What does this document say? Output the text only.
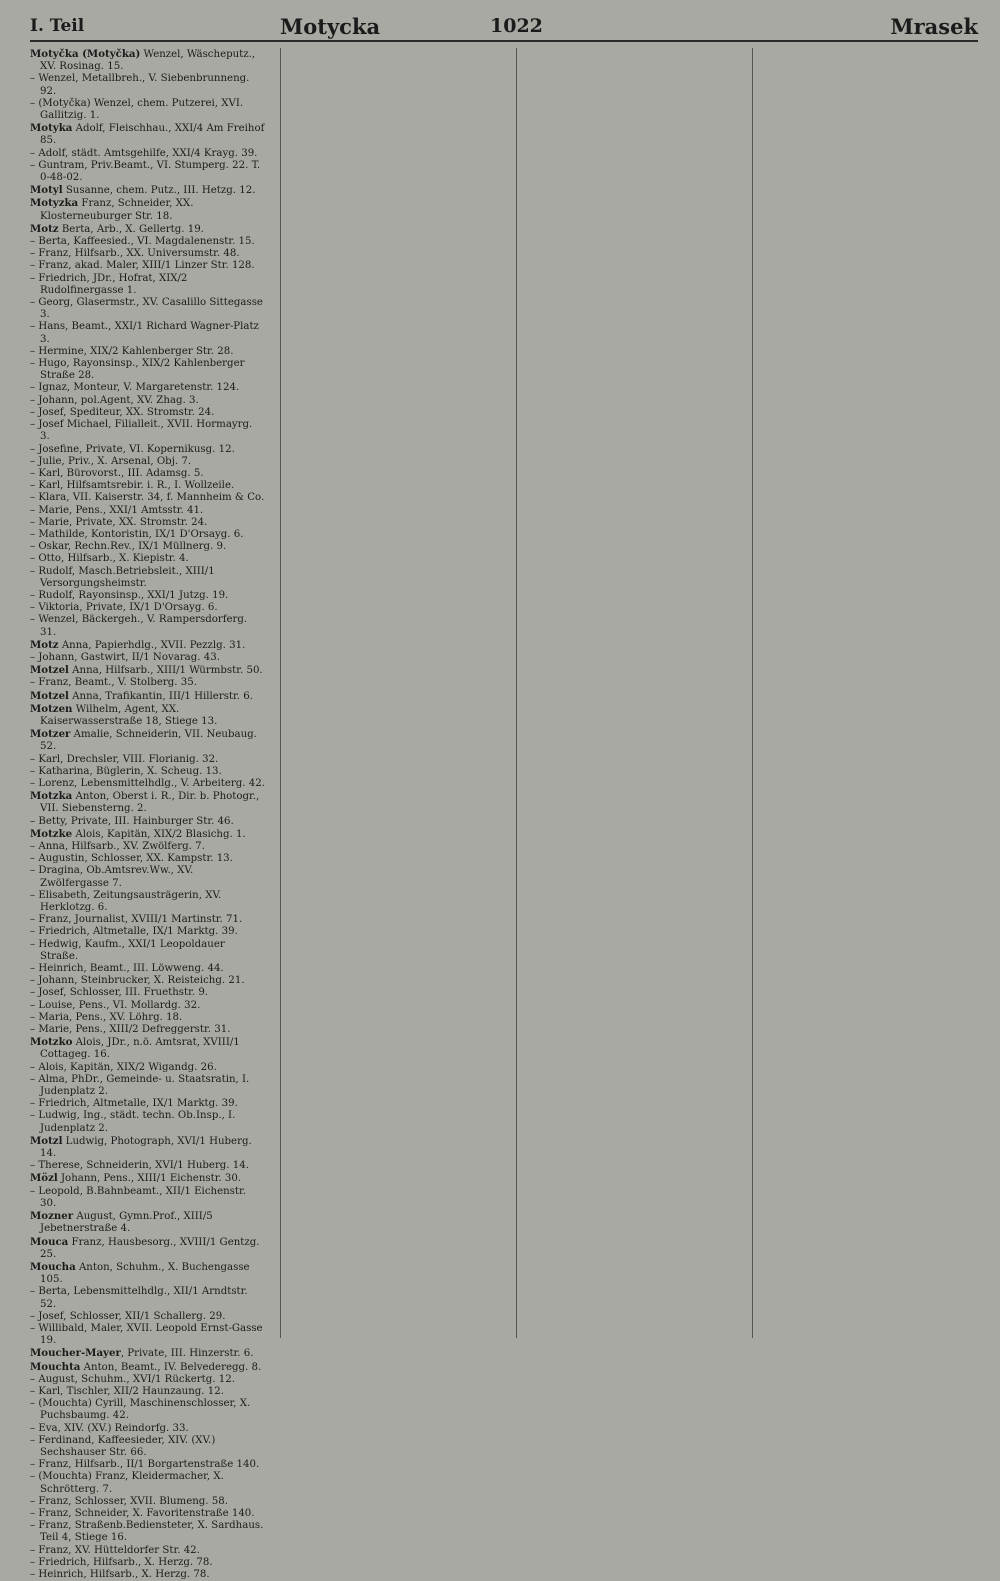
I. Teil	Motycka	1022	Mrasek

Motyčka (Motyčka) Wenzel, Wäscheputz., XV. Rosinag. 15.

– Wenzel, Metallbreh., V. Siebenbrunneng. 92.

– (Motyčka) Wenzel, chem. Putzerei, XVI. Gallitzig. 1.

Motyka Adolf, Fleischhau., XXI/4 Am Freihof 85.

– Adolf, städt. Amtsgehilfe, XXI/4 Krayg. 39.

– Guntram, Priv.Beamt., VI. Stumperg. 22. T. 0-48-02.

Motyl Susanne, chem. Putz., III. Hetzg. 12.

Motyzka Franz, Schneider, XX. Klosterneuburger Str. 18.

Motz Berta, Arb., X. Gellertg. 19.

– Berta, Kaffeesied., VI. Magdalenenstr. 15.

– Franz, Hilfsarb., XX. Universumstr. 48.

– Franz, akad. Maler, XIII/1 Linzer Str. 128.

– Friedrich, JDr., Hofrat, XIX/2 Rudolfinergasse 1.

– Georg, Glasermstr., XV. Casalillo Sittegasse 3.

– Hans, Beamt., XXI/1 Richard Wagner-Platz 3.

– Hermine, XIX/2 Kahlenberger Str. 28.

– Hugo, Rayonsinsp., XIX/2 Kahlenberger Straße 28.

– Ignaz, Monteur, V. Margaretenstr. 124.

– Johann, pol.Agent, XV. Zhag. 3.

– Josef, Spediteur, XX. Stromstr. 24.

– Josef Michael, Filialleit., XVII. Hormayrg. 3.

– Josefine, Private, VI. Kopernikusg. 12.

– Julie, Priv., X. Arsenal, Obj. 7.

– Karl, Bürovorst., III. Adamsg. 5.

– Karl, Hilfsamtsrebir. i. R., I. Wollzeile.

– Klara, VII. Kaiserstr. 34, f. Mannheim & Co.

– Marie, Pens., XXI/1 Amtsstr. 41.

– Marie, Private, XX. Stromstr. 24.

– Mathilde, Kontoristin, IX/1 D'Orsayg. 6.

– Oskar, Rechn.Rev., IX/1 Müllnerg. 9.

– Otto, Hilfsarb., X. Kiepistr. 4.

– Rudolf, Masch.Betriebsleit., XIII/1 Versorgungsheimstr.

– Rudolf, Rayonsinsp., XXI/1 Jutzg. 19.

– Viktoria, Private, IX/1 D'Orsayg. 6.

– Wenzel, Bäckergeh., V. Rampersdorferg. 31.

Motz Anna, Papierhdlg., XVII. Pezzlg. 31.

– Johann, Gastwirt, II/1 Novarag. 43.

Motzel Anna, Hilfsarb., XIII/1 Würmbstr. 50.

– Franz, Beamt., V. Stolberg. 35.

Motzel Anna, Trafikantin, III/1 Hillerstr. 6.

Motzen Wilhelm, Agent, XX. Kaiserwasserstraße 18, Stiege 13.

Motzer Amalie, Schneiderin, VII. Neubaug. 52.

– Karl, Drechsler, VIII. Florianig. 32.

– Katharina, Büglerin, X. Scheug. 13.

– Lorenz, Lebensmittelhdlg., V. Arbeiterg. 42.

Motzka Anton, Oberst i. R., Dir. b. Photogr., VII. Siebensterng. 2.

– Betty, Private, III. Hainburger Str. 46.

Motzke Alois, Kapitän, XIX/2 Blasichg. 1.

– Anna, Hilfsarb., XV. Zwölferg. 7.

– Augustin, Schlosser, XX. Kampstr. 13.

– Dragina, Ob.Amtsrev.Ww., XV. Zwölfergasse 7.

– Elisabeth, Zeitungsausträgerin, XV. Herklotzg. 6.

– Franz, Journalist, XVIII/1 Martinstr. 71.

– Friedrich, Altmetalle, IX/1 Marktg. 39.

– Hedwig, Kaufm., XXI/1 Leopoldauer Straße.

– Heinrich, Beamt., III. Löwweng. 44.

– Johann, Steinbrucker, X. Reisteichg. 21.

– Josef, Schlosser, III. Fruethstr. 9.

– Louise, Pens., VI. Mollardg. 32.

– Maria, Pens., XV. Löhrg. 18.

– Marie, Pens., XIII/2 Defreggerstr. 31.

Motzko Alois, JDr., n.ö. Amtsrat, XVIII/1 Cottageg. 16.

– Alois, Kapitän, XIX/2 Wigandg. 26.

– Alma, PhDr., Gemeinde- u. Staatsratin, I. Judenplatz 2.

– Friedrich, Altmetalle, IX/1 Marktg. 39.

– Ludwig, Ing., städt. techn. Ob.Insp., I. Judenplatz 2.

Motzl Ludwig, Photograph, XVI/1 Huberg. 14.

– Therese, Schneiderin, XVI/1 Huberg. 14.

Mözl Johann, Pens., XIII/1 Eichenstr. 30.

– Leopold, B.Bahnbeamt., XII/1 Eichenstr. 30.

Mozner August, Gymn.Prof., XIII/5 Jebetnerstraße 4.

Mouca Franz, Hausbesorg., XVIII/1 Gentzg. 25.

Moucha Anton, Schuhm., X. Buchengasse 105.

– Berta, Lebensmittelhdlg., XII/1 Arndtstr. 52.

– Josef, Schlosser, XII/1 Schallerg. 29.

– Willibald, Maler, XVII. Leopold Ernst-Gasse 19.

Moucher-Mayer, Private, III. Hinzerstr. 6.

Mouchta Anton, Beamt., IV. Belvederegg. 8.

– August, Schuhm., XVI/1 Rückertg. 12.

– Karl, Tischler, XII/2 Haunzaung. 12.

– (Mouchta) Cyrill, Maschinenschlosser, X. Puchsbaumg. 42.

– Eva, XIV. (XV.) Reindorfg. 33.

– Ferdinand, Kaffeesieder, XIV. (XV.) Sechshauser Str. 66.

– Franz, Hilfsarb., II/1 Borgartenstraße 140.

– (Mouchta) Franz, Kleidermacher, X. Schrötterg. 7.

– Franz, Schlosser, XVII. Blumeng. 58.

– Franz, Schneider, X. Favoritenstraße 140.

– Franz, Straßenb.Bediensteter, X. Sardhaus. Teil 4, Stiege 16.

– Franz, XV. Hütteldorfer Str. 42.

– Friedrich, Hilfsarb., X. Herzg. 78.

– Heinrich, Hilfsarb., X. Herzg. 78.
